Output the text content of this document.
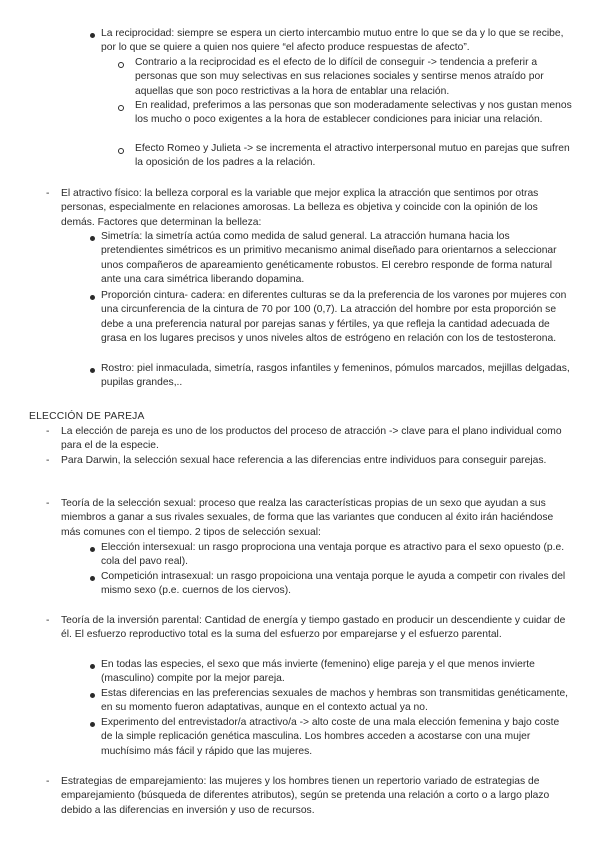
La reciprocidad: siempre se espera un cierto intercambio mutuo entre lo que se da y lo que se recibe, por lo que se quiere a quien nos quiere “el afecto produce respuestas de afecto”.
Contrario a la reciprocidad es el efecto de lo difícil de conseguir -> tendencia a preferir a personas que son muy selectivas en sus relaciones sociales y sentirse menos atraído por aquellas que son poco restrictivas a la hora de entablar una relación.
En realidad, preferimos a las personas que son moderadamente selectivas y nos gustan menos los mucho o poco exigentes a la hora de establecer condiciones para iniciar una relación.
Efecto Romeo y Julieta -> se incrementa el atractivo interpersonal mutuo en parejas que sufren la oposición de los padres a la relación.
- El atractivo físico: la belleza corporal es la variable que mejor explica la atracción que sentimos por otras personas, especialmente en relaciones amorosas. La belleza es objetiva y coincide con la opinión de los demás. Factores que determinan la belleza:
Simetría: la simetría actúa como medida de salud general. La atracción humana hacia los pretendientes simétricos es un primitivo mecanismo animal diseñado para orientarnos a seleccionar unos compañeros de apareamiento genéticamente robustos. El cerebro responde de forma natural ante una cara simétrica liberando dopamina.
Proporción cintura- cadera: en diferentes culturas se da la preferencia de los varones por mujeres con una circunferencia de la cintura de 70 por 100 (0,7). La atracción del hombre por esta proporción se debe a una preferencia natural por parejas sanas y fértiles, ya que refleja la cantidad adecuada de grasa en los lugares precisos y unos niveles altos de estrógeno en relación con los de testosterona.
Rostro: piel inmaculada, simetría, rasgos infantiles y femeninos, pómulos marcados, mejillas delgadas, pupilas grandes,..
ELECCIÓN DE PAREJA
- La elección de pareja es uno de los productos del proceso de atracción -> clave para el plano individual como para el de la especie.
- Para Darwin, la selección sexual hace referencia a las diferencias entre individuos para conseguir parejas.
- Teoría de la selección sexual: proceso que realza las características propias de un sexo que ayudan a sus miembros a ganar a sus rivales sexuales, de forma que las variantes que conducen al éxito irán haciéndose más comunes con el tiempo. 2 tipos de selección sexual:
Elección intersexual: un rasgo proprociona una ventaja porque es atractivo para el sexo opuesto (p.e. cola del pavo real).
Competición intrasexual: un rasgo propoiciona una ventaja porque le ayuda a competir con rivales del mismo sexo (p.e. cuernos de los ciervos).
- Teoría de la inversión parental: Cantidad de energía y tiempo gastado en producir un descendiente y cuidar de él. El esfuerzo reproductivo total es la suma del esfuerzo por emparejarse y el esfuerzo parental.
En todas las especies, el sexo que más invierte (femenino) elige pareja y el que menos invierte (masculino) compite por la mejor pareja.
Estas diferencias en las preferencias sexuales de machos y hembras son transmitidas genéticamente, en su momento fueron adaptativas, aunque en el contexto actual ya no.
Experimento del entrevistador/a atractivo/a -> alto coste de una mala elección femenina y bajo coste de la simple replicación genética masculina. Los hombres acceden a acostarse con una mujer muchísimo más fácil y rápido que las mujeres.
- Estrategias de emparejamiento: las mujeres y los hombres tienen un repertorio variado de estrategias de emparejamiento (búsqueda de diferentes atributos), según se pretenda una relación a corto o a largo plazo debido a las diferencias en inversión y uso de recursos.
